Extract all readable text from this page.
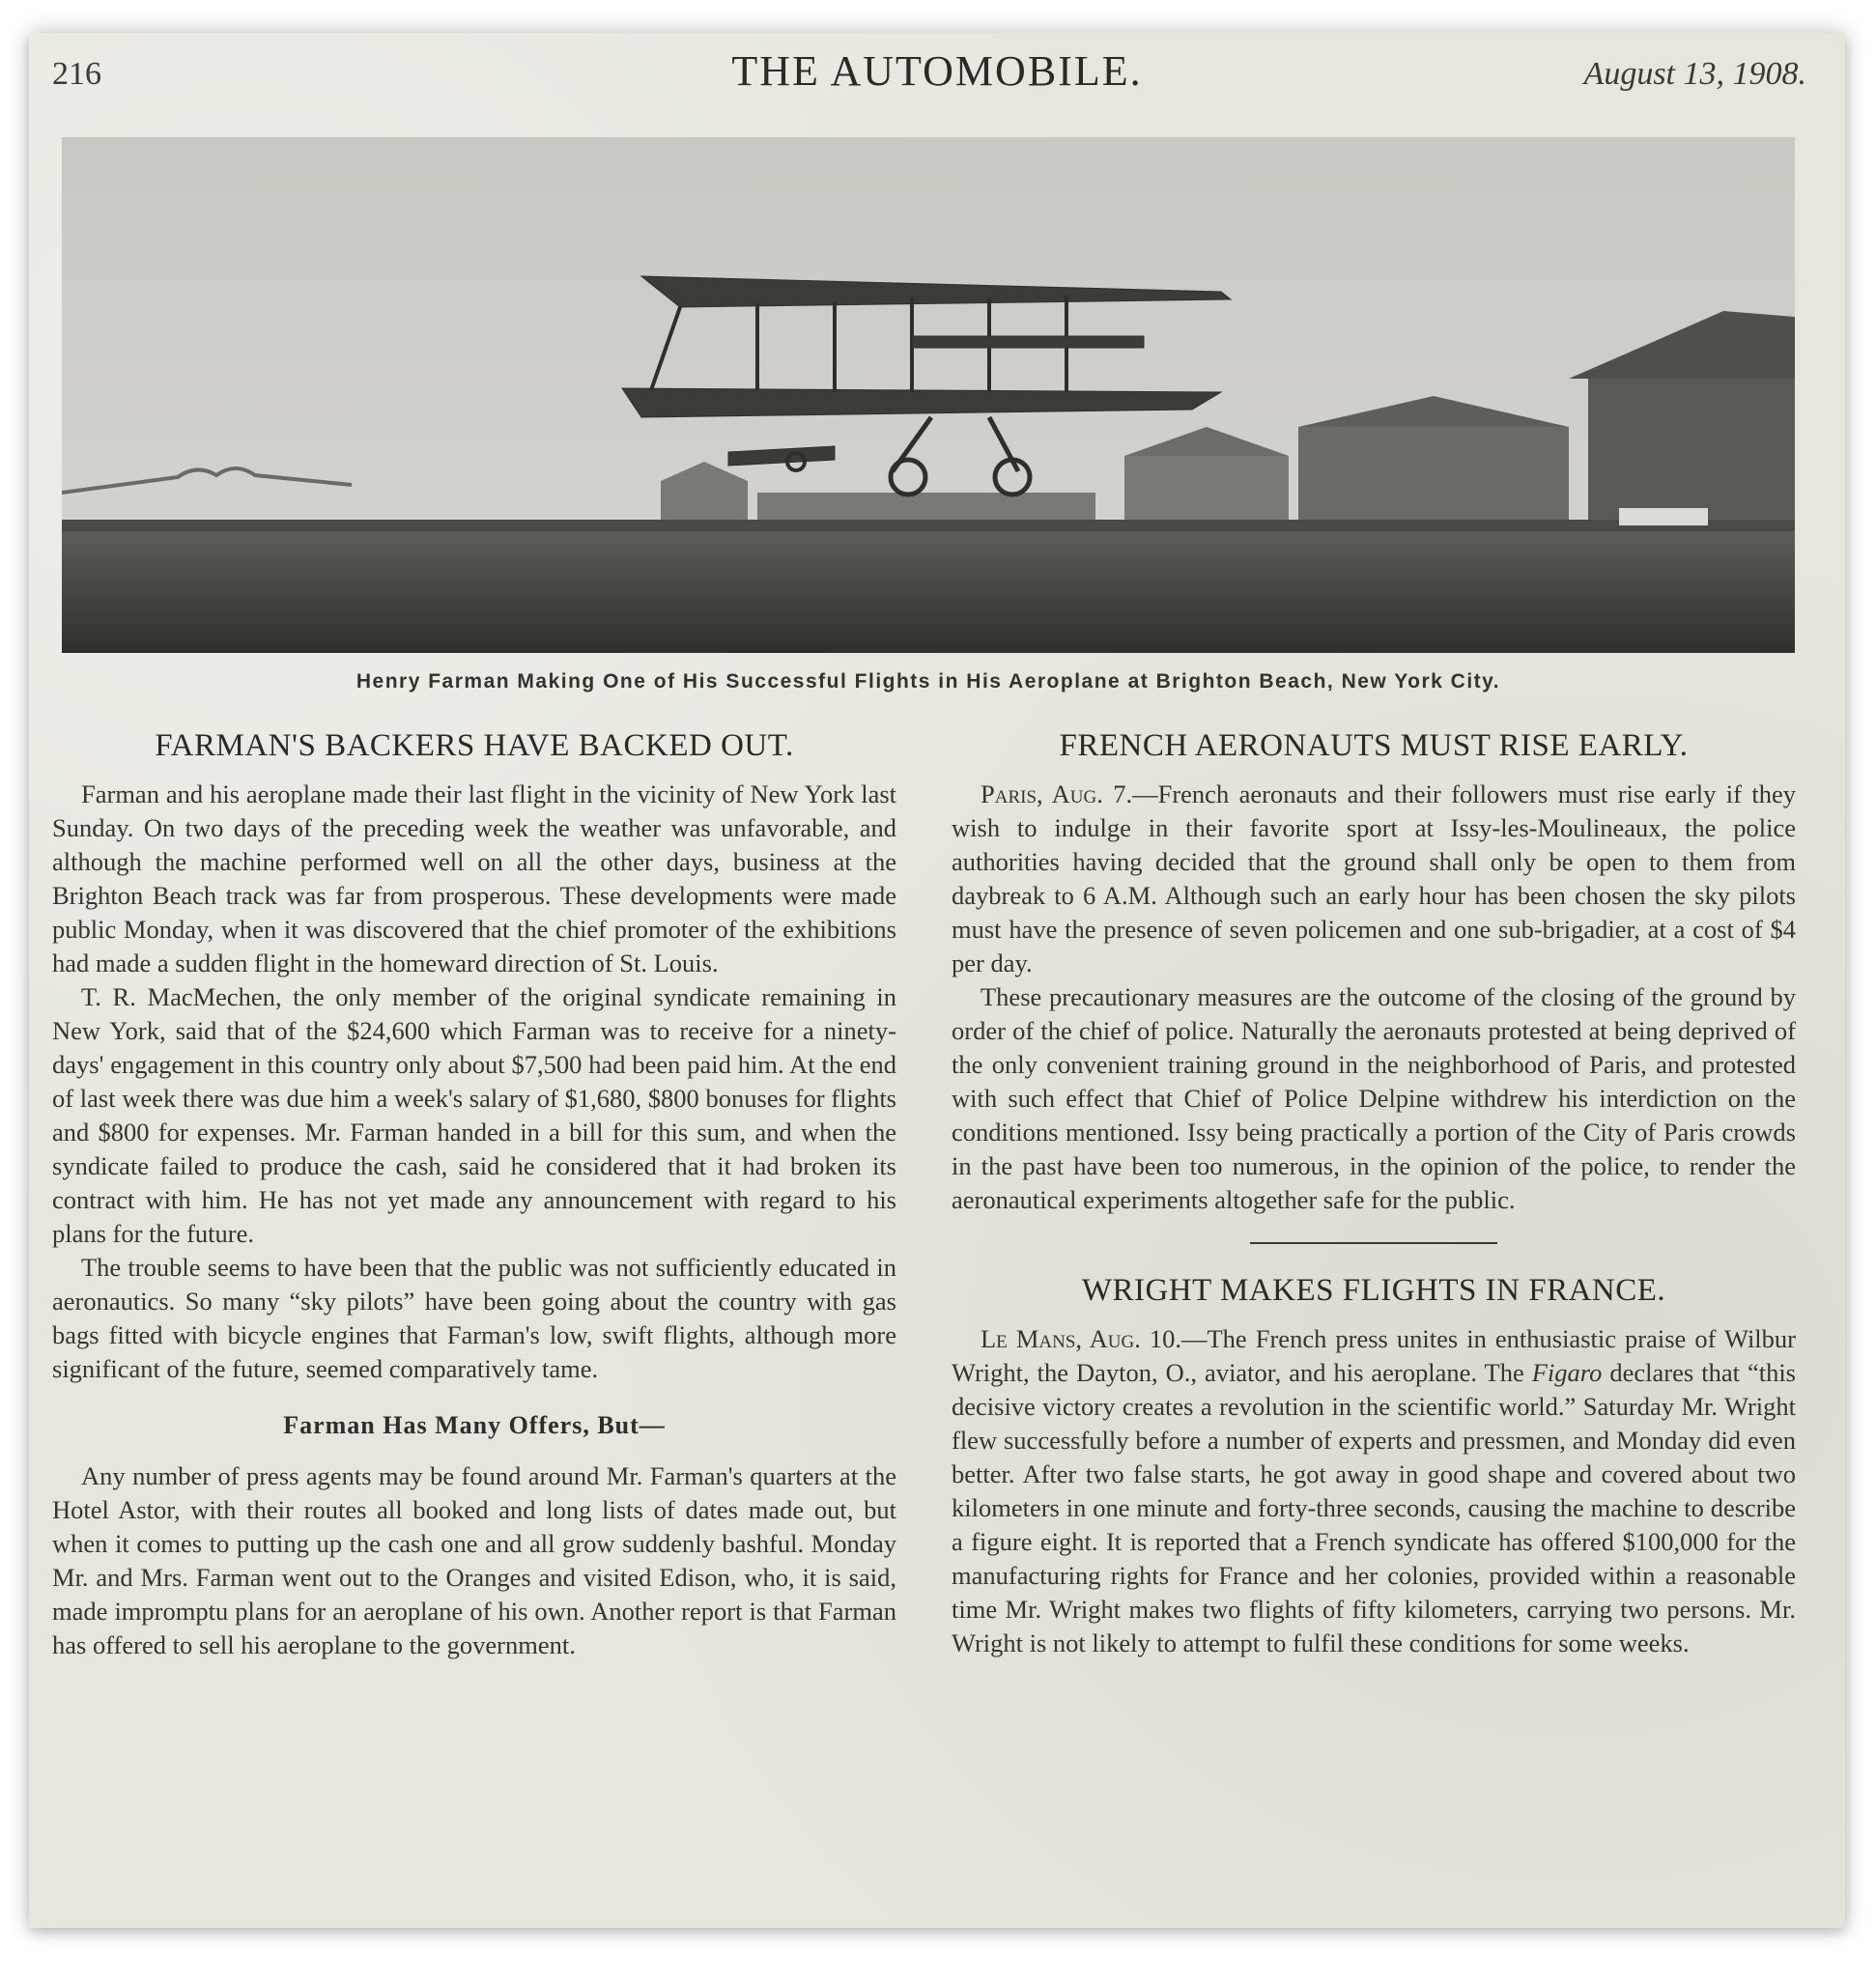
216	THE AUTOMOBILE.	August 13, 1908.
Henry Farman Making One of His Successful Flights in His Aeroplane at Brighton Beach, New York City.
FARMAN'S BACKERS HAVE BACKED OUT.

Farman and his aeroplane made their last flight in the vicinity of New York last Sunday. On two days of the preceding week the weather was unfavorable, and although the machine performed well on all the other days, business at the Brighton Beach track was far from prosperous. These developments were made public Monday, when it was discovered that the chief promoter of the exhibitions had made a sudden flight in the homeward direction of St. Louis.

T. R. MacMechen, the only member of the original syndicate remaining in New York, said that of the $24,600 which Farman was to receive for a ninety-days' engagement in this country only about $7,500 had been paid him. At the end of last week there was due him a week's salary of $1,680, $800 bonuses for flights and $800 for expenses. Mr. Farman handed in a bill for this sum, and when the syndicate failed to produce the cash, said he considered that it had broken its contract with him. He has not yet made any announcement with regard to his plans for the future.

The trouble seems to have been that the public was not sufficiently educated in aeronautics. So many “sky pilots” have been going about the country with gas bags fitted with bicycle engines that Farman's low, swift flights, although more significant of the future, seemed comparatively tame.

Farman Has Many Offers, But—

Any number of press agents may be found around Mr. Farman's quarters at the Hotel Astor, with their routes all booked and long lists of dates made out, but when it comes to putting up the cash one and all grow suddenly bashful. Monday Mr. and Mrs. Farman went out to the Oranges and visited Edison, who, it is said, made impromptu plans for an aeroplane of his own. Another report is that Farman has offered to sell his aeroplane to the government.

FRENCH AERONAUTS MUST RISE EARLY.

Paris, Aug. 7.—French aeronauts and their followers must rise early if they wish to indulge in their favorite sport at Issy-les-Moulineaux, the police authorities having decided that the ground shall only be open to them from daybreak to 6 A.M. Although such an early hour has been chosen the sky pilots must have the presence of seven policemen and one sub-brigadier, at a cost of $4 per day.

These precautionary measures are the outcome of the closing of the ground by order of the chief of police. Naturally the aeronauts protested at being deprived of the only convenient training ground in the neighborhood of Paris, and protested with such effect that Chief of Police Delpine withdrew his interdiction on the conditions mentioned. Issy being practically a portion of the City of Paris crowds in the past have been too numerous, in the opinion of the police, to render the aeronautical experiments altogether safe for the public.

WRIGHT MAKES FLIGHTS IN FRANCE.

Le Mans, Aug. 10.—The French press unites in enthusiastic praise of Wilbur Wright, the Dayton, O., aviator, and his aeroplane. The Figaro declares that “this decisive victory creates a revolution in the scientific world.” Saturday Mr. Wright flew successfully before a number of experts and pressmen, and Monday did even better. After two false starts, he got away in good shape and covered about two kilometers in one minute and forty-three seconds, causing the machine to describe a figure eight. It is reported that a French syndicate has offered $100,000 for the manufacturing rights for France and her colonies, provided within a reasonable time Mr. Wright makes two flights of fifty kilometers, carrying two persons. Mr. Wright is not likely to attempt to fulfil these conditions for some weeks.
